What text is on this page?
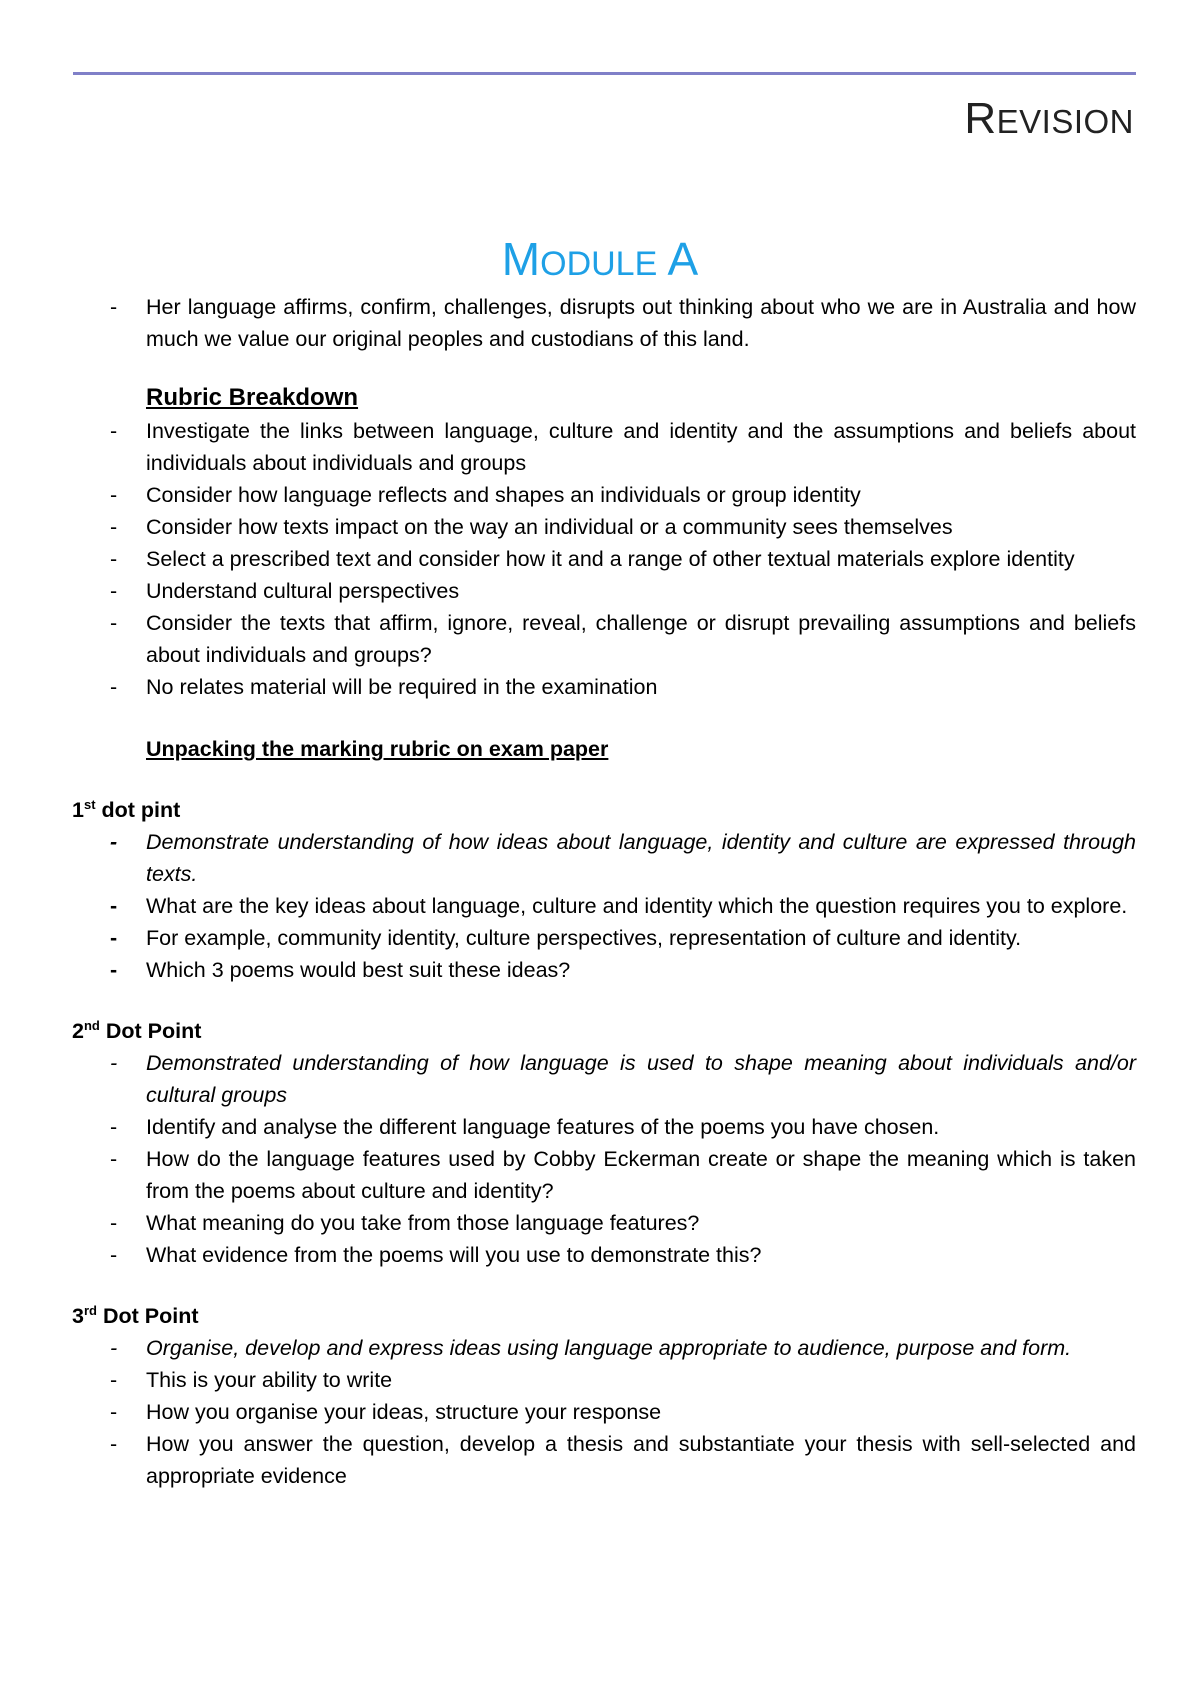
REVISION
MODULE A
- Her language affirms, confirm, challenges, disrupts out thinking about who we are in Australia and how much we value our original peoples and custodians of this land.
Rubric Breakdown
- Investigate the links between language, culture and identity and the assumptions and beliefs about individuals about individuals and groups
- Consider how language reflects and shapes an individuals or group identity
- Consider how texts impact on the way an individual or a community sees themselves
- Select a prescribed text and consider how it and a range of other textual materials explore identity
- Understand cultural perspectives
- Consider the texts that affirm, ignore, reveal, challenge or disrupt prevailing assumptions and beliefs about individuals and groups?
- No relates material will be required in the examination
Unpacking the marking rubric on exam paper
1st dot pint
- Demonstrate understanding of how ideas about language, identity and culture are expressed through texts.
- What are the key ideas about language, culture and identity which the question requires you to explore.
- For example, community identity, culture perspectives, representation of culture and identity.
- Which 3 poems would best suit these ideas?
2nd Dot Point
- Demonstrated understanding of how language is used to shape meaning about individuals and/or cultural groups
- Identify and analyse the different language features of the poems you have chosen.
- How do the language features used by Cobby Eckerman create or shape the meaning which is taken from the poems about culture and identity?
- What meaning do you take from those language features?
- What evidence from the poems will you use to demonstrate this?
3rd Dot Point
- Organise, develop and express ideas using language appropriate to audience, purpose and form.
- This is your ability to write
- How you organise your ideas, structure your response
- How you answer the question, develop a thesis and substantiate your thesis with sell-selected and appropriate evidence
